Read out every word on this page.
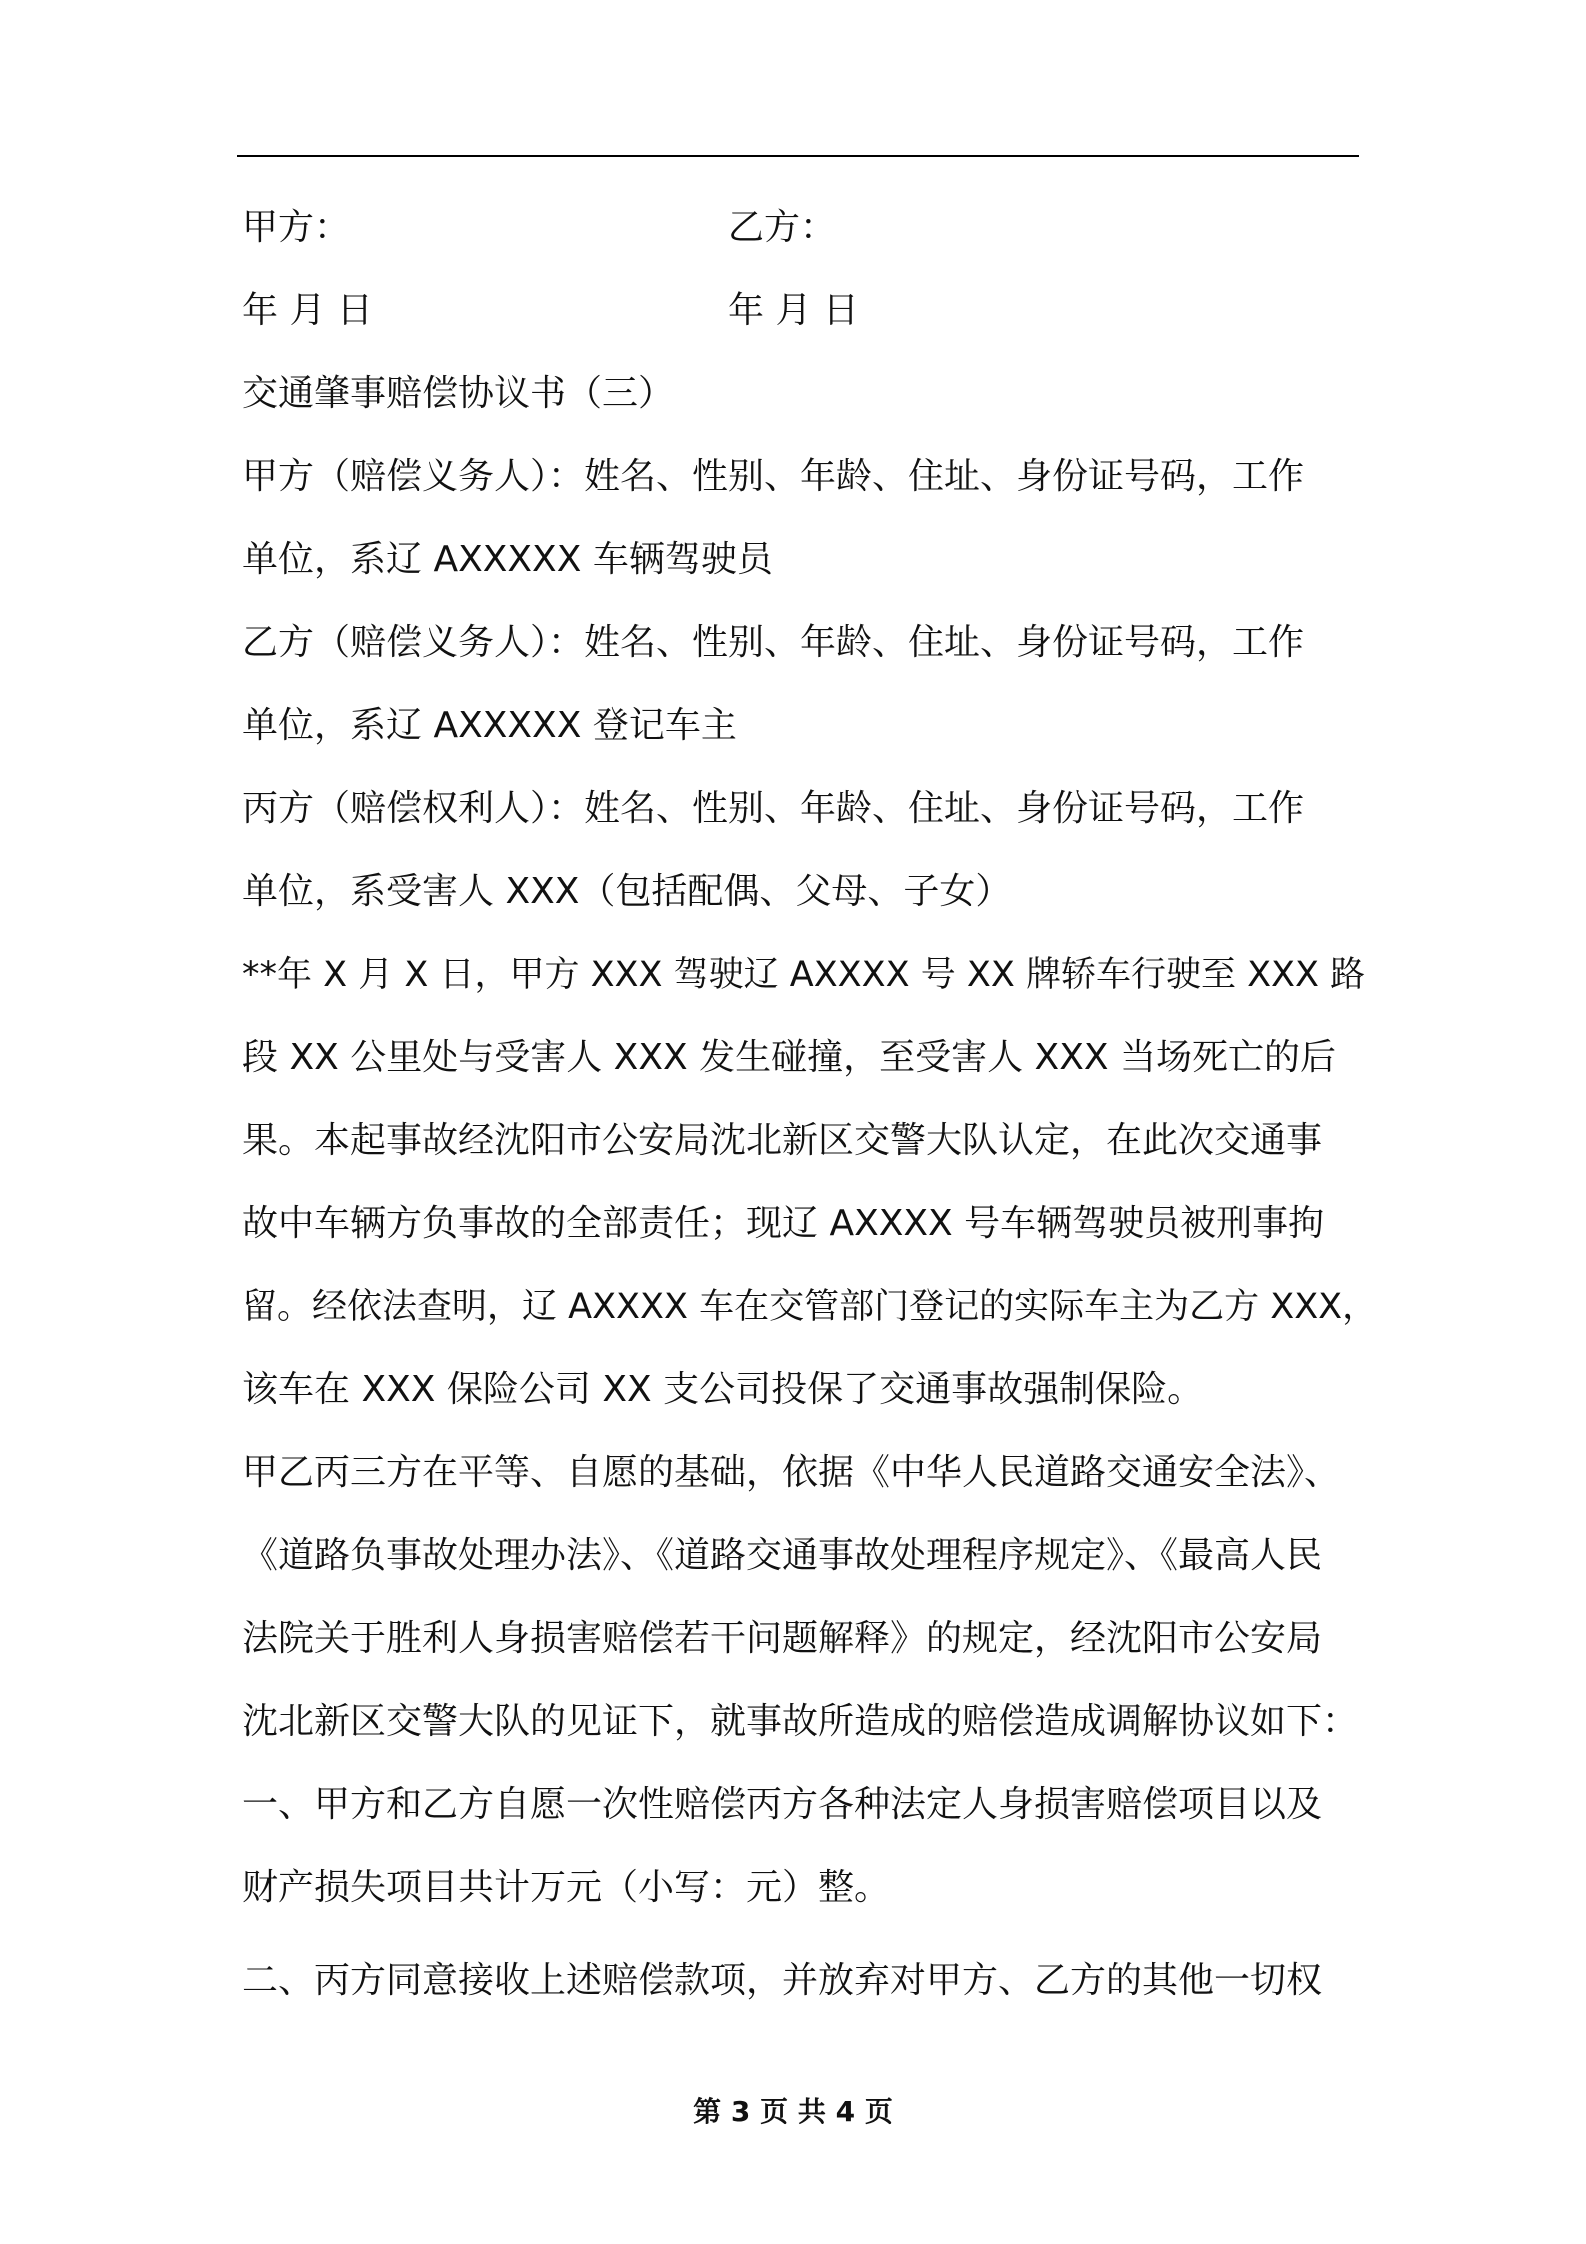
甲方：	乙方：
年 月 日	年 月 日
交通肇事赔偿协议书（三）
甲方（赔偿义务人）：姓名、性别、年龄、住址、身份证号码，工作
单位，系辽 AXXXXX 车辆驾驶员
乙方（赔偿义务人）：姓名、性别、年龄、住址、身份证号码，工作
单位，系辽 AXXXXX 登记车主
丙方（赔偿权利人）：姓名、性别、年龄、住址、身份证号码，工作
单位，系受害人 XXX（包括配偶、父母、子女）
**年 X 月 X 日，甲方 XXX 驾驶辽 AXXXX 号 XX 牌轿车行驶至 XXX 路
段 XX 公里处与受害人 XXX 发生碰撞，至受害人 XXX 当场死亡的后
果。本起事故经沈阳市公安局沈北新区交警大队认定，在此次交通事
故中车辆方负事故的全部责任；现辽 AXXXX 号车辆驾驶员被刑事拘
留。经依法查明，辽 AXXXX 车在交管部门登记的实际车主为乙方 XXX，
该车在 XXX 保险公司 XX 支公司投保了交通事故强制保险。
甲乙丙三方在平等、自愿的基础，依据《中华人民道路交通安全法》、
《道路负事故处理办法》、《道路交通事故处理程序规定》、《最高人民
法院关于胜利人身损害赔偿若干问题解释》的规定，经沈阳市公安局
沈北新区交警大队的见证下，就事故所造成的赔偿造成调解协议如下：
一、甲方和乙方自愿一次性赔偿丙方各种法定人身损害赔偿项目以及
财产损失项目共计万元（小写：元）整。
二、丙方同意接收上述赔偿款项，并放弃对甲方、乙方的其他一切权
第 3 页 共 4 页
